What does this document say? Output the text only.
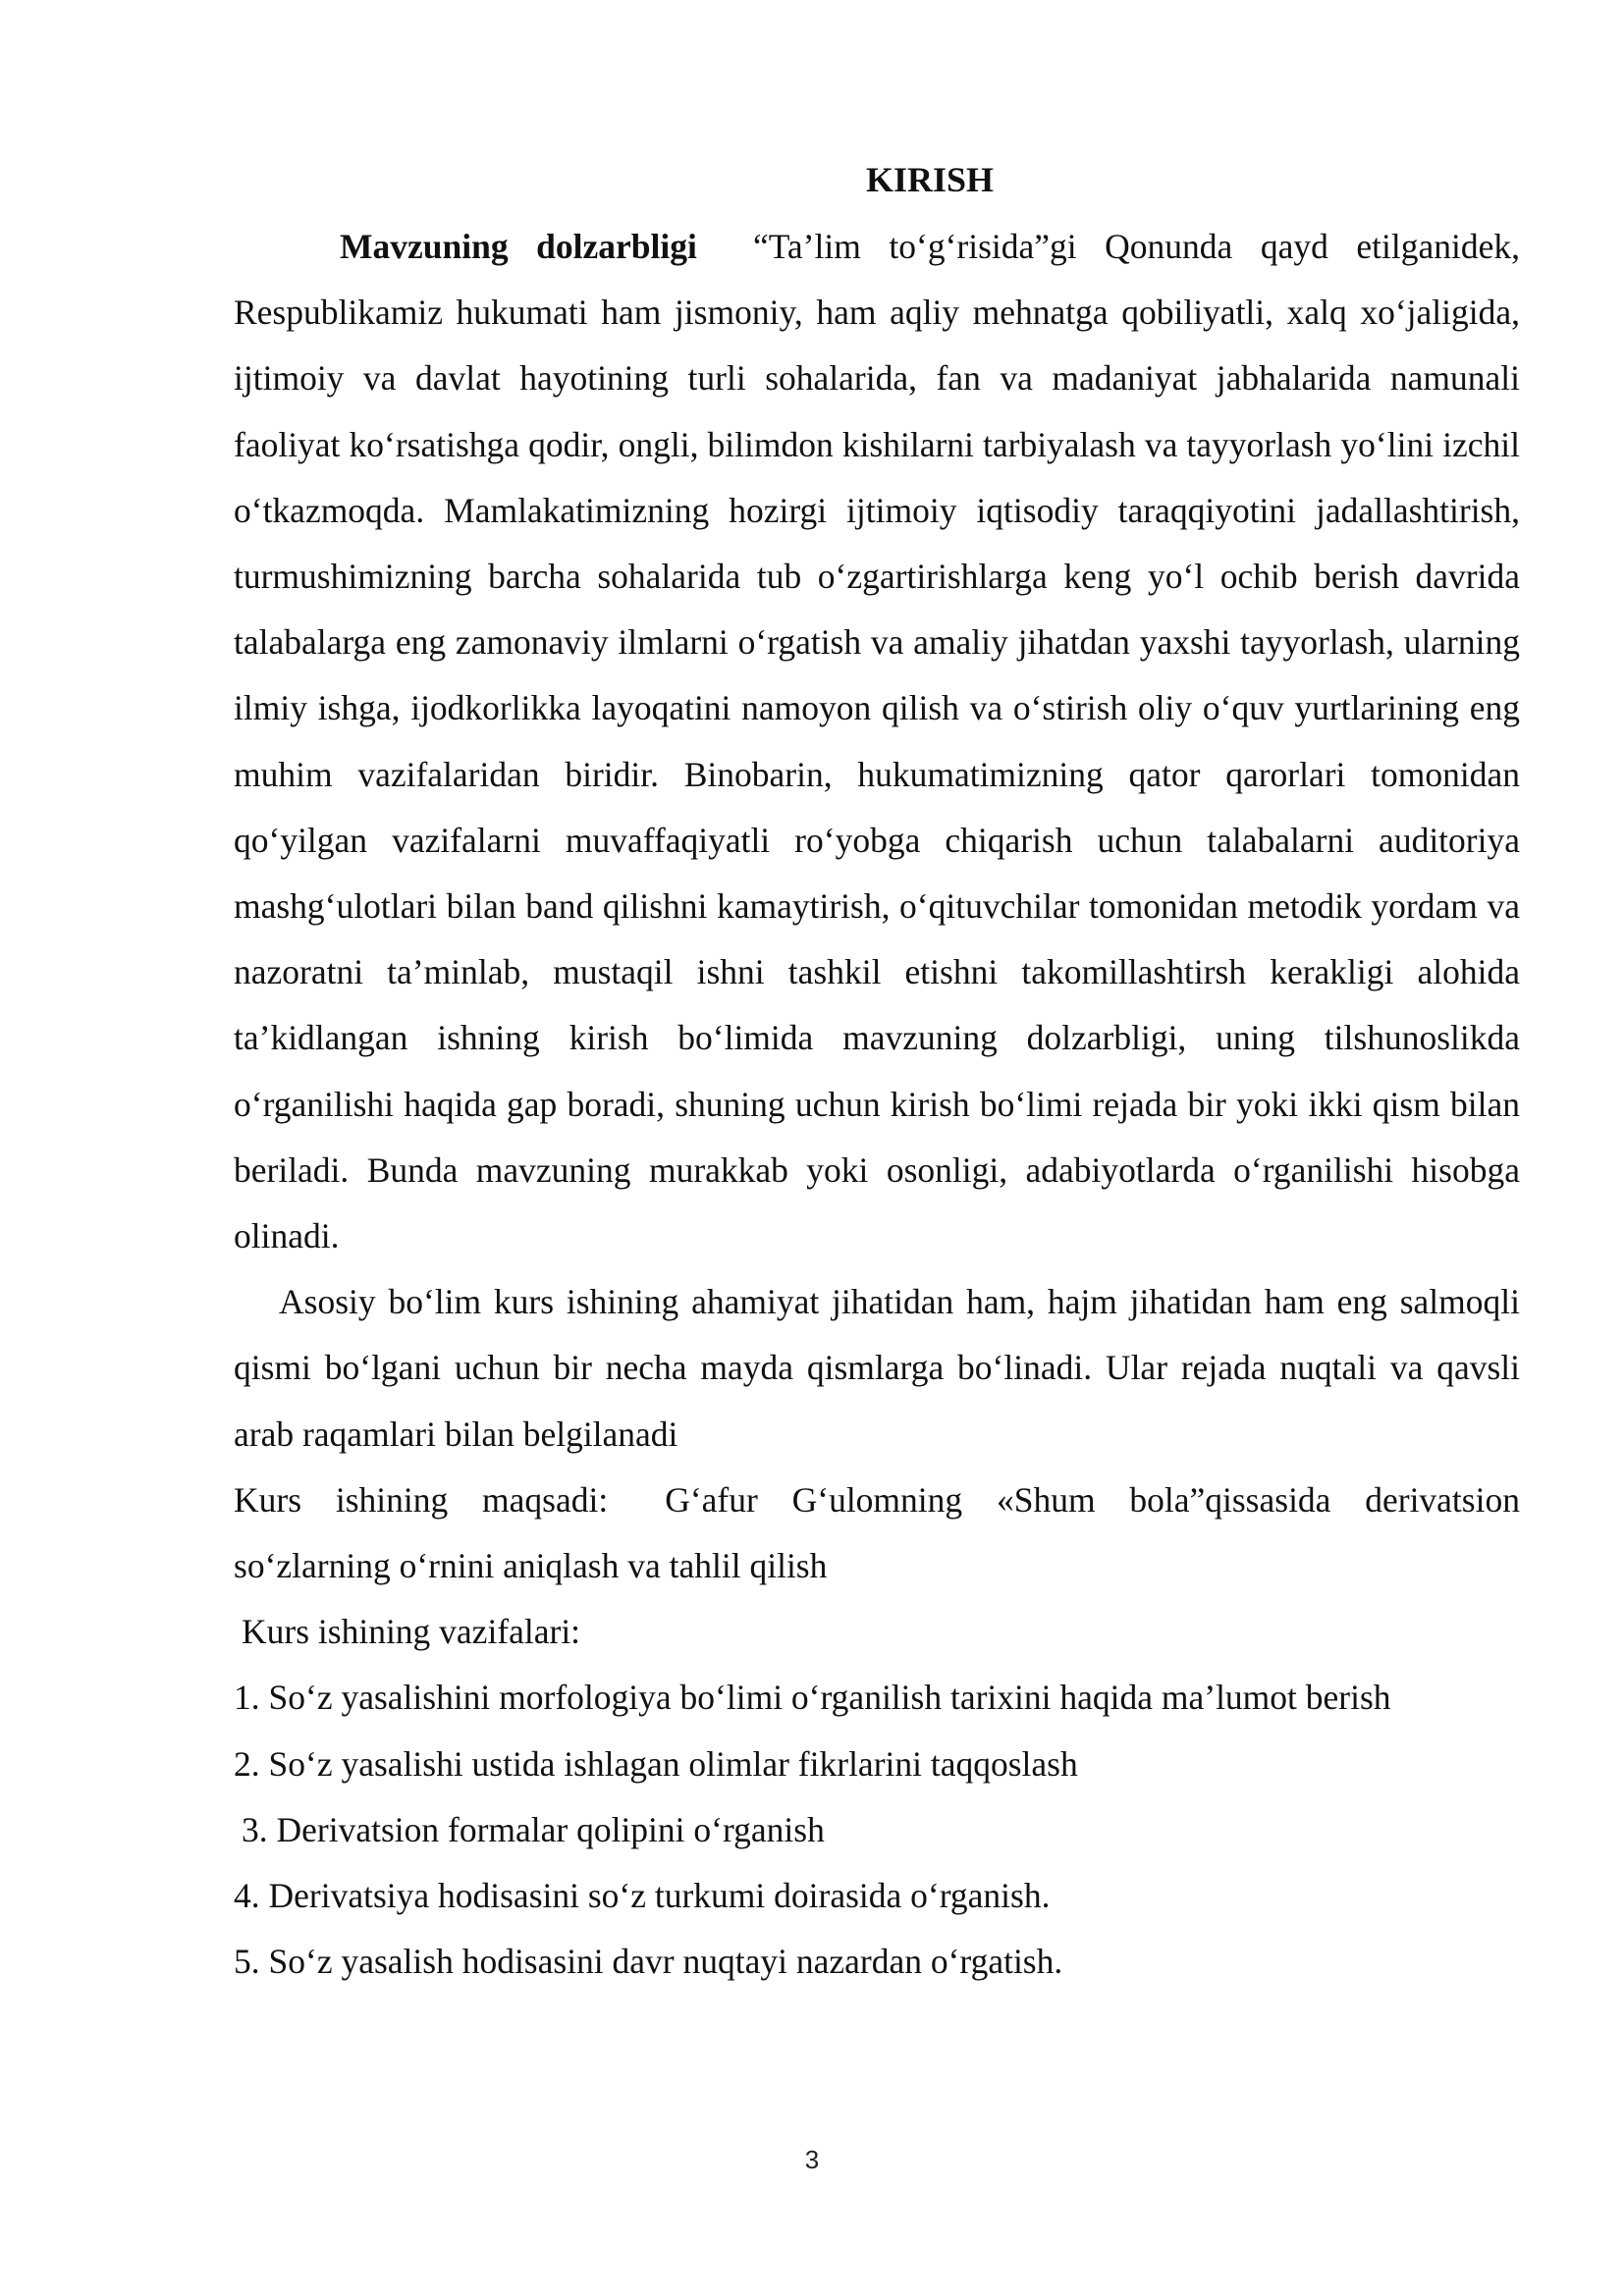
KIRISH

Mavzuning dolzarbligi “Ta’lim to‘g‘risida”gi Qonunda qayd etilganidek, Respublikamiz hukumati ham jismoniy, ham aqliy mehnatga qobiliyatli, xalq xo‘jaligida, ijtimoiy va davlat hayotining turli sohalarida, fan va madaniyat jabhalarida namunali faoliyat ko‘rsatishga qodir, ongli, bilimdon kishilarni tarbiyalash va tayyorlash yo‘lini izchil o‘tkazmoqda. Mamlakatimizning hozirgi ijtimoiy iqtisodiy taraqqiyotini jadallashtirish, turmushimizning barcha sohalarida tub o‘zgartirishlarga keng yo‘l ochib berish davrida talabalarga eng zamonaviy ilmlarni o‘rgatish va amaliy jihatdan yaxshi tayyorlash, ularning ilmiy ishga, ijodkorlikka layoqatini namoyon qilish va o‘stirish oliy o‘quv yurtlarining eng muhim vazifalaridan biridir. Binobarin, hukumatimizning qator qarorlari tomonidan qo‘yilgan vazifalarni muvaffaqiyatli ro‘yobga chiqarish uchun talabalarni auditoriya mashg‘ulotlari bilan band qilishni kamaytirish, o‘qituvchilar tomonidan metodik yordam va nazoratni ta’minlab, mustaqil ishni tashkil etishni takomillashtirsh kerakligi alohida ta’kidlangan ishning kirish bo‘limida mavzuning dolzarbligi, uning tilshunoslikda o‘rganilishi haqida gap boradi, shuning uchun kirish bo‘limi rejada bir yoki ikki qism bilan beriladi. Bunda mavzuning murakkab yoki osonligi, adabiyotlarda o‘rganilishi hisobga olinadi.

Asosiy bo‘lim kurs ishining ahamiyat jihatidan ham, hajm jihatidan ham eng salmoqli qismi bo‘lgani uchun bir necha mayda qismlarga bo‘linadi. Ular rejada nuqtali va qavsli arab raqamlari bilan belgilanadi

Kurs ishining maqsadi: G‘afur G‘ulomning «Shum bola”qissasida derivatsion so‘zlarning o‘rnini aniqlash va tahlil qilish

Kurs ishining vazifalari:

1. So‘z yasalishini morfologiya bo‘limi o‘rganilish tarixini haqida ma’lumot berish

2. So‘z yasalishi ustida ishlagan olimlar fikrlarini taqqoslash

3. Derivatsion formalar qolipini o‘rganish

4. Derivatsiya hodisasini so‘z turkumi doirasida o‘rganish.

5. So‘z yasalish hodisasini davr nuqtayi nazardan o‘rgatish.

3
